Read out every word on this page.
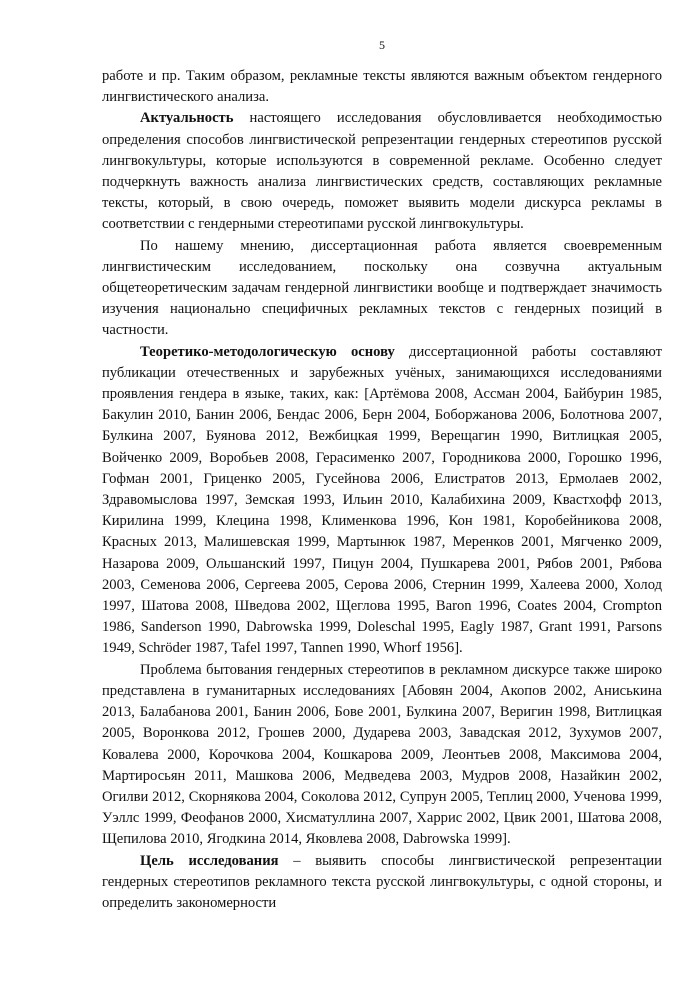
5

работе и пр. Таким образом, рекламные тексты являются важным объектом гендерного лингвистического анализа.

Актуальность настоящего исследования обусловливается необходимостью определения способов лингвистической репрезентации гендерных стереотипов русской лингвокультуры, которые используются в современной рекламе. Особенно следует подчеркнуть важность анализа лингвистических средств, составляющих рекламные тексты, который, в свою очередь, поможет выявить модели дискурса рекламы в соответствии с гендерными стереотипами русской лингвокультуры.

По нашему мнению, диссертационная работа является своевременным лингвистическим исследованием, поскольку она созвучна актуальным общетеоретическим задачам гендерной лингвистики вообще и подтверждает значимость изучения национально специфичных рекламных текстов с гендерных позиций в частности.

Теоретико-методологическую основу диссертационной работы составляют публикации отечественных и зарубежных учёных, занимающихся исследованиями проявления гендера в языке, таких, как: [Артёмова 2008, Ассман 2004, Байбурин 1985, Бакулин 2010, Банин 2006, Бендас 2006, Берн 2004, Боборжанова 2006, Болотнова 2007, Булкина 2007, Буянова 2012, Вежбицкая 1999, Верещагин 1990, Витлицкая 2005, Войченко 2009, Воробьев 2008, Герасименко 2007, Городникова 2000, Горошко 1996, Гофман 2001, Гриценко 2005, Гусейнова 2006, Елистратов 2013, Ермолаев 2002, Здравомыслова 1997, Земская 1993, Ильин 2010, Калабихина 2009, Квастхофф 2013, Кирилина 1999, Клецина 1998, Клименкова 1996, Кон 1981, Коробейникова 2008, Красных 2013, Малишевская 1999, Мартынюк 1987, Меренков 2001, Мягченко 2009, Назарова 2009, Ольшанский 1997, Пицун 2004, Пушкарева 2001, Рябов 2001, Рябова 2003, Семенова 2006, Сергеева 2005, Серова 2006, Стернин 1999, Халеева 2000, Холод 1997, Шатова 2008, Шведова 2002, Щеглова 1995, Baron 1996, Coates 2004, Crompton 1986, Sanderson 1990, Dabrowska 1999, Doleschal 1995, Eagly 1987, Grant 1991, Parsons 1949, Schröder 1987, Tafel 1997, Tannen 1990, Whorf 1956].

Проблема бытования гендерных стереотипов в рекламном дискурсе также широко представлена в гуманитарных исследованиях [Абовян 2004, Акопов 2002, Аниськина 2013, Балабанова 2001, Банин 2006, Бове 2001, Булкина 2007, Веригин 1998, Витлицкая 2005, Воронкова 2012, Грошев 2000, Дударева 2003, Завадская 2012, Зухумов 2007, Ковалева 2000, Корочкова 2004, Кошкарова 2009, Леонтьев 2008, Максимова 2004, Мартиросьян 2011, Машкова 2006, Медведева 2003, Мудров 2008, Назайкин 2002, Огилви 2012, Скорнякова 2004, Соколова 2012, Супрун 2005, Теплиц 2000, Ученова 1999, Уэллс 1999, Феофанов 2000, Хисматуллина 2007, Харрис 2002, Цвик 2001, Шатова 2008, Щепилова 2010, Ягодкина 2014, Яковлева 2008, Dabrowska 1999].

Цель исследования – выявить способы лингвистической репрезентации гендерных стереотипов рекламного текста русской лингвокультуры, с одной стороны, и определить закономерности
